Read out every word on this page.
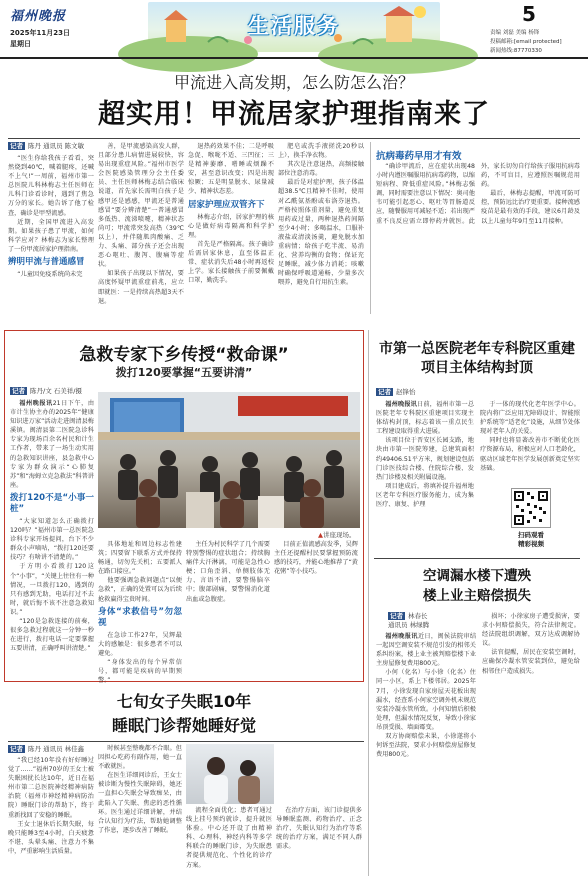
福州晚报
2025年11月23日
星期日
生活服务	5
责编 刘磊 美编 杨锋
投稿邮箱:[email protected]
新闻热线:87770330
甲流进入高发期，怎么防怎么治？
超实用！甲流居家护理指南来了
记者 陈丹 通讯员 陈文敏

“医生你给我孩子看看，突然烧到40℃，喊着腿疼，还喊不上气!”一周前，福州市第一总医院儿科林梅志主任医师在儿科门诊看诊时，遇到了焦急万分的家长。她告诉了他了检查，确诊是甲型流感。

近期，全国甲流进入高发期。如果孩子患了甲流，如何科学应对？林梅志为家长整理了一份甲流居家护理指南。

辨明甲流与普通感冒

“儿童因免疫系统尚未完

善，是甲流感染高发人群，且部分患儿病情进展较快，容易出现重症风险。”福州市医学会医院感染管理分会主任委员、主任医师林梅志结合临床说道，首先家长需明白孩子是感甲还是感感，甲流还是普通感冒“要分辨清楚”一普通感冒多低热、流涕喷嚏，精神状态尚可；甲流常突发高热（39℃以上），并伴随肌肉酸痛、乏力、头痛、部分孩子还会出现恶心呕吐、腹泻、腹痛等症状。

如果孩子出现以下情况，要高度怀疑甲流重症前兆，应立即就医：一是持续高热超3天不退。

退热药效果不佳；二是呼吸急促、喉咙不适、三凹征；三是精神萎靡、嗜睡或烦躁不安，甚至意识改变；四是出现惊厥；五是明显脱水、尿量减少、精神状态差。

居家护理应双管齐下

林梅志介绍，居家护理的核心是做好病毒隔离和科学护理。

首先是严格隔离。孩子确诊后需居家休息，直至体温正常、症状消失后48小时再返校上学。家长接触孩子前要佩戴口罩，勤洗手。

肥皂或洗手液搓洗20秒以上），换手净衣物。

其次是注意退热，高频接触部位注意消毒。

最后是对症护理，孩子体温超38.5℃且精神不佳时，使用对乙酰氨基酚或布洛芬退热。严格按照体重剂量，避免重复用药或过量，两种退热药间隔至少4小时；多喝温水，口服补液盐或清淡汤羹，避免脱水加重病情；给孩子吃半流、易消化、营养均衡的食物；保证充足睡眠，减少体力消耗；咳嗽时确保呼吸道通畅，少量多次喂养，避免自行用抗生素。

抗病毒药早用才有效

“确诊甲流后，应在症状出现48小时内遵医嘱服用抗病毒药物，以缩短病程、降低重症风险。”林梅志强调，同时需要注意以下情况：奥司他韦可能引起恶心、呕吐等胃肠道反应，随餐服用可减轻不适；若出现严重不良反应需立即停药并就医。此外，家长切勿自行给孩子服用抗病毒药，不可盲目，应遵照医嘱规范用药。

最后，林梅志提醒，甲流可防可控，预防远比治疗更重要。接种流感疫苗是最有效的手段，建议6月龄及以上儿童每年9月至11月接种。

急救专家下乡传授“救命课”
拨打120要掌握“五要讲清”
记者 陈丹/文 石美祥/摄

福州晚报讯21日下午，由市计生协主办的2025年“健康知识进万家”活动走进闽清县梅溪镇。闽清县第二医院急诊科专家为现场百余名村民和计生工作者，带来了一场生动实用的急救知识讲座，县急救中心专家为群众演示“心肺复苏”和“海姆立克急救法”科普讲座。

拨打120不是“小事一桩”

“大家知道怎么正确拨打120吗？”福州市第一总医院急诊科专家开场提问，台下不少群众小声嘀咕，“拨打120还要技巧？有啥讲不清楚的。”

于方明小看拨打120这个“小事”，“关键上往往有一种情况，一旦拨打120，遇到的只有感到无助，电话打过不去时，就后悔不该不注意急救知识。”

“120是急救连接的前奏，很多急救过程就这一分钟一秒在进行，拨打电话一定要掌握五要讲清，正确呼叫讲清楚。”

▲讲座现场。

具体地址和周边标志性建筑；四要留下联系方式并保持畅通，切勿先关机；五要派人在路口接应。”

他要强调急救问题点“以便急救”，正确的处置可以为后续抢救赢得宝贵时间。

身体“求救信号”勿忽视

在急诊工作27年，吴辉最大的感触是：很多患者不可以避免。

“身体发出的每个异常信号，都可能是疾病的早期预警。”

主任为村民科学了几个需要特别警惕的症状组合；持续胸痛伴大汗淋漓，可能是急性心梗；口角歪斜、单侧肢体无力、言语不清，要警惕脑卒中；腹部剧痛，要警惕消化道出血或急腹症。

目前正值流感高发季，吴辉主任还提醒村民要掌握预防流感的技巧，并能心地推荐了“黄花粥”等小技巧。

市第一总医院老年专科院区重建项目主体结构封顶
记者 赵锋怡

福州晚报讯日前，福州市第一总医院老年专科院区重建项目实现主体结构封顶，标志着该一重点民生工程建设取得重大进展。

该项目位于晋安区长园支路，地块由市第一医院筹建，总建筑面积约49406.51平方米，规划建设包括门诊医技综合楼、住院综合楼、发热门诊楼及相关附属设施。

项目建成后，将填补提升福州地区老年专科医疗服务能力，成为集医疗、康复、护理

于一体的现代化老年医学中心。院内将广泛应用无障碍设计、智能照护系统等“适老化”设施，从细节处体现对老年人的关爱。

同时也将显著改善市不断优化医疗资源布局，积极应对人口老龄化，驱动区域老年医学发展创新奠定坚实基础。

扫码观看
精彩视频
空调漏水楼下遭殃
楼上业主赔偿损失
记者 林春长
通讯员 林绿腾

福州晚报讯近日，闽侯法院审结一起因空调安装不规范引发的相邻关系纠纷案，楼上业主被判赔偿楼下业主房屋修复费用800元。

小何（化名）与小徐（化名）住同一小区，系上下楼邻居。2025年7月，小徐发现自家房屋天花板出现漏水，经查系小何家空调外机未规范安装冷凝水管所致。小何知情后积极处理，但漏水情况反复，导致小徐家吊顶受损、墙面霉变。

双方协商赔偿未果，小徐遂将小何诉至法院，要求小何赔偿房屋修复费用800元。

损坏；小徐家房子遭受损害，要求小何赔偿损失，符合法律规定。经法院组织调解，双方达成调解协议。

法官提醒，居民在安装空调时，应确保冷凝水管安装到位，避免给相邻住户造成损失。

七旬女子失眠10年
睡眠门诊帮她睡好觉
记者 陈丹 通讯员 林佳鑫

“我已经10年没有好好睡过觉了……”福州70岁的王女士被失眠困扰长达10年，近日在福州市第二总医院神经精神病防治院（福州市神经精神病防治院）睡眠门诊的帮助下，终于重新找回了安稳的睡眠。

王女士退休后长期失眠，每晚只能睡3至4小时，白天疲惫不堪、头晕头痛、注意力不集中，严重影响生活质量。

时候甚至整晚都不合眼。但因担心吃药有副作用，她一直不敢就医。

在医生详细问诊后，王女士被诊断为慢性失眠障碍，她还一直担心失眠会导致痴呆，由此陷入了失眠、焦虑的恶性循环。医生通过详细讲解，并结合认知行为疗法，帮助她调整了作息，逐步改善了睡眠。

流程全面优化；患者可通过线上挂号预约就诊，提升就医体验。中心还开设了由精神科、心理科、神经内科等多学科联合的睡眠门诊，为失眠患者提供规范化、个性化的诊疗方案。

在治疗方面，该门诊提供多导睡眠监测、药物治疗、正念治疗、失眠认知行为治疗等系统的治疗方案，满足不同人群需求。
